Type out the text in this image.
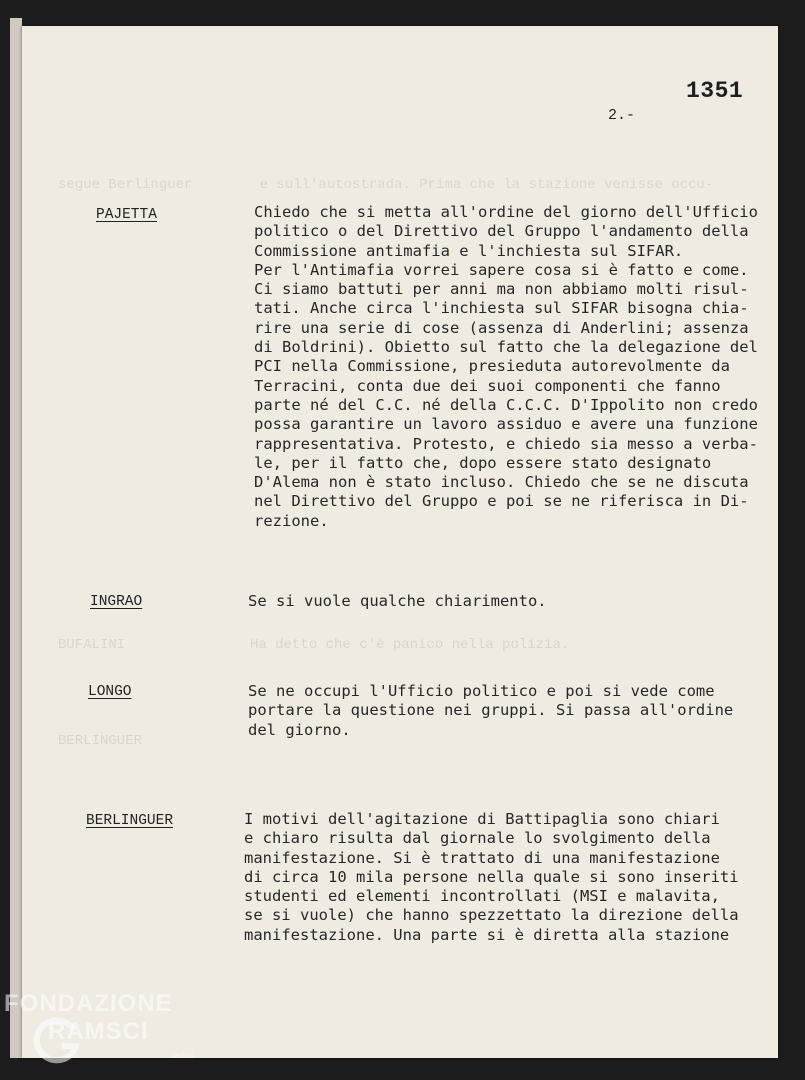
segue Berlinguer        e sull'autostrada. Prima che la stazione venisse occu-
BUFALINI	Ha detto che c'è panico nella polizia.
BERLINGUER
1351
2.-
PAJETTA	Chiedo che si metta all'ordine del giorno dell'Ufficio
politico o del Direttivo del Gruppo l'andamento della
Commissione antimafia e l'inchiesta sul SIFAR.
Per l'Antimafia vorrei sapere cosa si è fatto e come.
Ci siamo battuti per anni ma non abbiamo molti risul-
tati. Anche circa l'inchiesta sul SIFAR bisogna chia-
rire una serie di cose (assenza di Anderlini; assenza
di Boldrini). Obietto sul fatto che la delegazione del
PCI nella Commissione, presieduta autorevolmente da
Terracini, conta due dei suoi componenti che fanno
parte né del C.C. né della C.C.C. D'Ippolito non credo
possa garantire un lavoro assiduo e avere una funzione
rappresentativa. Protesto, e chiedo sia messo a verba-
le, per il fatto che, dopo essere stato designato
D'Alema non è stato incluso. Chiedo che se ne discuta
nel Direttivo del Gruppo e poi se ne riferisca in Di-
rezione.
INGRAO	Se si vuole qualche chiarimento.
LONGO	Se ne occupi l'Ufficio politico e poi si vede come
portare la questione nei gruppi. Si passa all'ordine
del giorno.
BERLINGUER	I motivi dell'agitazione di Battipaglia sono chiari
e chiaro risulta dal giornale lo svolgimento della
manifestazione. Si è trattato di una manifestazione
di circa 10 mila persone nella quale si sono inseriti
studenti ed elementi incontrollati (MSI e malavita,
se si vuole) che hanno spezzettato la direzione della
manifestazione. Una parte si è diretta alla stazione
FONDAZIONE
RAMSCI
onlus
